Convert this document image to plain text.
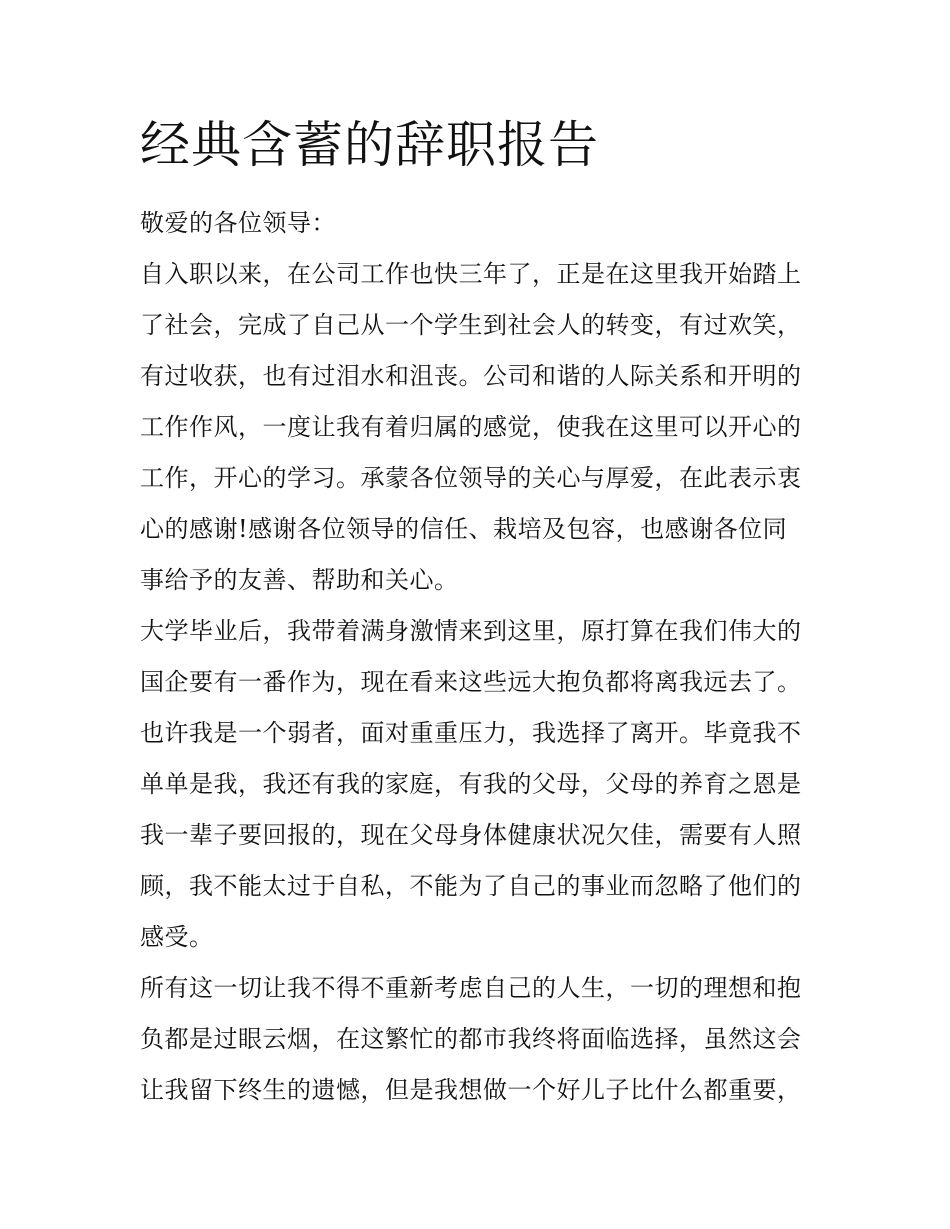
经典含蓄的辞职报告
敬爱的各位领导：
自入职以来，在公司工作也快三年了，正是在这里我开始踏上
了社会，完成了自己从一个学生到社会人的转变，有过欢笑，
有过收获，也有过泪水和沮丧。公司和谐的人际关系和开明的
工作作风，一度让我有着归属的感觉，使我在这里可以开心的
工作，开心的学习。承蒙各位领导的关心与厚爱，在此表示衷
心的感谢!感谢各位领导的信任、栽培及包容，也感谢各位同
事给予的友善、帮助和关心。
大学毕业后，我带着满身激情来到这里，原打算在我们伟大的
国企要有一番作为，现在看来这些远大抱负都将离我远去了。
也许我是一个弱者，面对重重压力，我选择了离开。毕竟我不
单单是我，我还有我的家庭，有我的父母，父母的养育之恩是
我一辈子要回报的，现在父母身体健康状况欠佳，需要有人照
顾，我不能太过于自私，不能为了自己的事业而忽略了他们的
感受。
所有这一切让我不得不重新考虑自己的人生，一切的理想和抱
负都是过眼云烟，在这繁忙的都市我终将面临选择，虽然这会
让我留下终生的遗憾，但是我想做一个好儿子比什么都重要，
